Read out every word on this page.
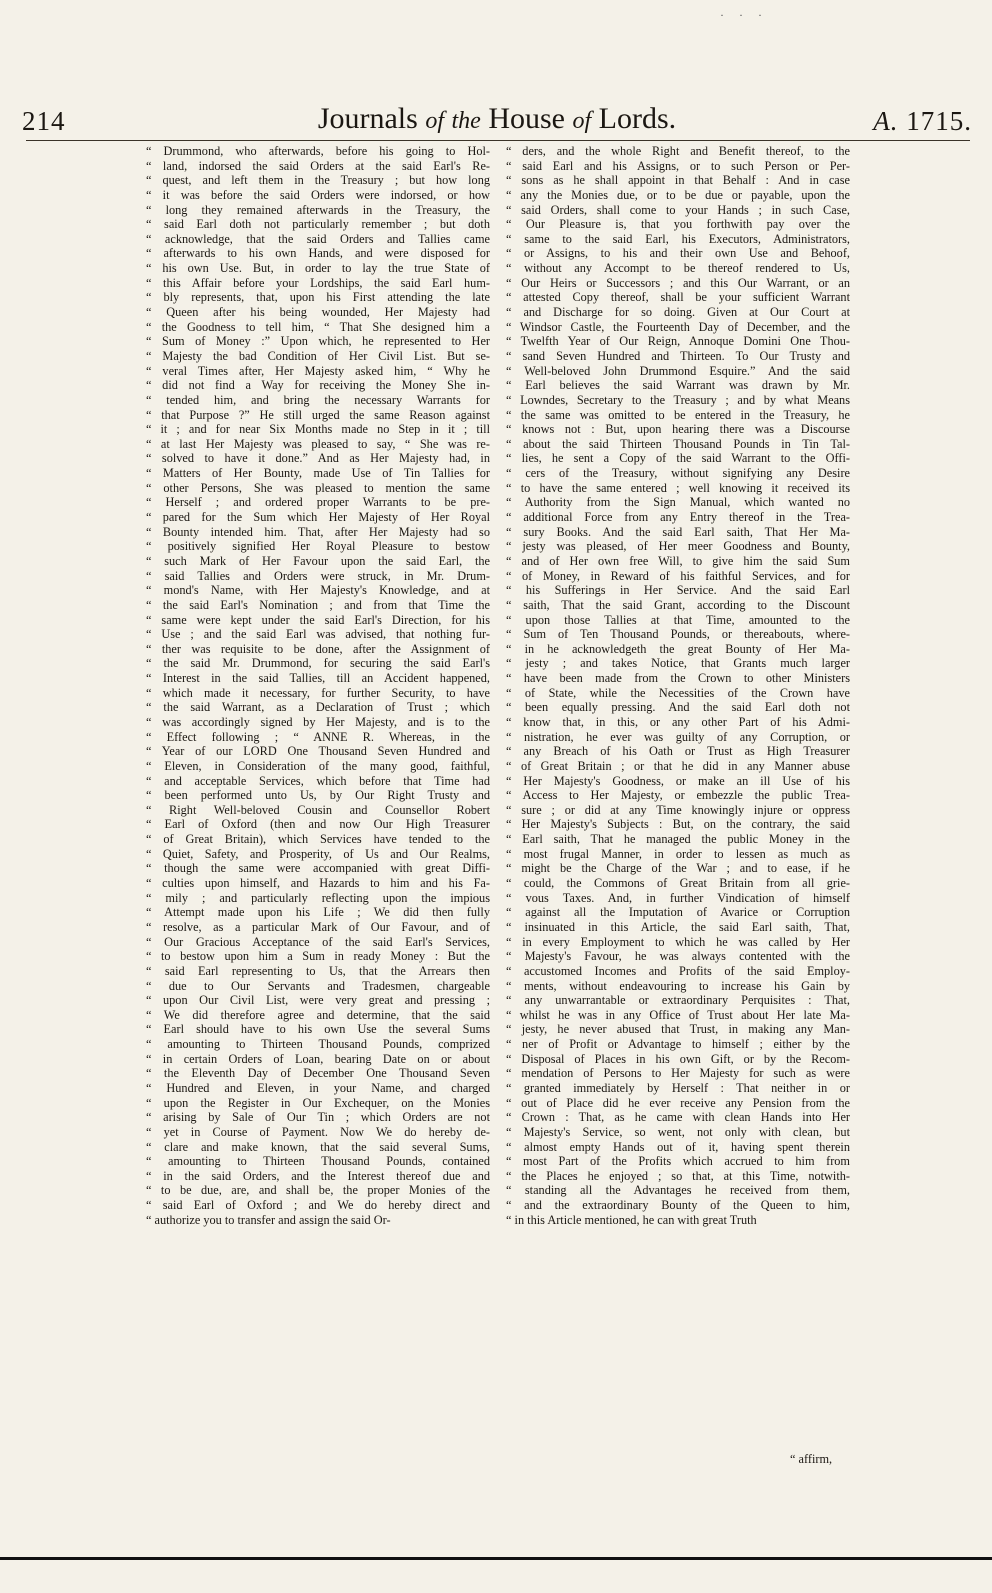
· · ·
214	Journals of the House of Lords.	A. 1715.
“ Drummond, who afterwards, before his going to Hol-
“ land, indorsed the said Orders at the said Earl's Re-
“ quest, and left them in the Treasury ; but how long
“ it was before the said Orders were indorsed, or how
“ long they remained afterwards in the Treasury, the
“ said Earl doth not particularly remember ; but doth
“ acknowledge, that the said Orders and Tallies came
“ afterwards to his own Hands, and were disposed for
“ his own Use. But, in order to lay the true State of
“ this Affair before your Lordships, the said Earl hum-
“ bly represents, that, upon his First attending the late
“ Queen after his being wounded, Her Majesty had
“ the Goodness to tell him, “ That She designed him a
“ Sum of Money :” Upon which, he represented to Her
“ Majesty the bad Condition of Her Civil List. But se-
“ veral Times after, Her Majesty asked him, “ Why he
“ did not find a Way for receiving the Money She in-
“ tended him, and bring the necessary Warrants for
“ that Purpose ?” He still urged the same Reason against
“ it ; and for near Six Months made no Step in it ; till
“ at last Her Majesty was pleased to say, “ She was re-
“ solved to have it done.” And as Her Majesty had, in
“ Matters of Her Bounty, made Use of Tin Tallies for
“ other Persons, She was pleased to mention the same
“ Herself ; and ordered proper Warrants to be pre-
“ pared for the Sum which Her Majesty of Her Royal
“ Bounty intended him. That, after Her Majesty had so
“ positively signified Her Royal Pleasure to bestow
“ such Mark of Her Favour upon the said Earl, the
“ said Tallies and Orders were struck, in Mr. Drum-
“ mond's Name, with Her Majesty's Knowledge, and at
“ the said Earl's Nomination ; and from that Time the
“ same were kept under the said Earl's Direction, for his
“ Use ; and the said Earl was advised, that nothing fur-
“ ther was requisite to be done, after the Assignment of
“ the said Mr. Drummond, for securing the said Earl's
“ Interest in the said Tallies, till an Accident happened,
“ which made it necessary, for further Security, to have
“ the said Warrant, as a Declaration of Trust ; which
“ was accordingly signed by Her Majesty, and is to the
“ Effect following ; “ ANNE R. Whereas, in the
“ Year of our LORD One Thousand Seven Hundred and
“ Eleven, in Consideration of the many good, faithful,
“ and acceptable Services, which before that Time had
“ been performed unto Us, by Our Right Trusty and
“ Right Well-beloved Cousin and Counsellor Robert
“ Earl of Oxford (then and now Our High Treasurer
“ of Great Britain), which Services have tended to the
“ Quiet, Safety, and Prosperity, of Us and Our Realms,
“ though the same were accompanied with great Diffi-
“ culties upon himself, and Hazards to him and his Fa-
“ mily ; and particularly reflecting upon the impious
“ Attempt made upon his Life ; We did then fully
“ resolve, as a particular Mark of Our Favour, and of
“ Our Gracious Acceptance of the said Earl's Services,
“ to bestow upon him a Sum in ready Money : But the
“ said Earl representing to Us, that the Arrears then
“ due to Our Servants and Tradesmen, chargeable
“ upon Our Civil List, were very great and pressing ;
“ We did therefore agree and determine, that the said
“ Earl should have to his own Use the several Sums
“ amounting to Thirteen Thousand Pounds, comprized
“ in certain Orders of Loan, bearing Date on or about
“ the Eleventh Day of December One Thousand Seven
“ Hundred and Eleven, in your Name, and charged
“ upon the Register in Our Exchequer, on the Monies
“ arising by Sale of Our Tin ; which Orders are not
“ yet in Course of Payment. Now We do hereby de-
“ clare and make known, that the said several Sums,
“ amounting to Thirteen Thousand Pounds, contained
“ in the said Orders, and the Interest thereof due and
“ to be due, are, and shall be, the proper Monies of the
“ said Earl of Oxford ; and We do hereby direct and
“ authorize you to transfer and assign the said Or-
“ ders, and the whole Right and Benefit thereof, to the
“ said Earl and his Assigns, or to such Person or Per-
“ sons as he shall appoint in that Behalf : And in case
“ any the Monies due, or to be due or payable, upon the
“ said Orders, shall come to your Hands ; in such Case,
“ Our Pleasure is, that you forthwith pay over the
“ same to the said Earl, his Executors, Administrators,
“ or Assigns, to his and their own Use and Behoof,
“ without any Accompt to be thereof rendered to Us,
“ Our Heirs or Successors ; and this Our Warrant, or an
“ attested Copy thereof, shall be your sufficient Warrant
“ and Discharge for so doing. Given at Our Court at
“ Windsor Castle, the Fourteenth Day of December, and the
“ Twelfth Year of Our Reign, Annoque Domini One Thou-
“ sand Seven Hundred and Thirteen. To Our Trusty and
“ Well-beloved John Drummond Esquire.” And the said
“ Earl believes the said Warrant was drawn by Mr.
“ Lowndes, Secretary to the Treasury ; and by what Means
“ the same was omitted to be entered in the Treasury, he
“ knows not : But, upon hearing there was a Discourse
“ about the said Thirteen Thousand Pounds in Tin Tal-
“ lies, he sent a Copy of the said Warrant to the Offi-
“ cers of the Treasury, without signifying any Desire
“ to have the same entered ; well knowing it received its
“ Authority from the Sign Manual, which wanted no
“ additional Force from any Entry thereof in the Trea-
“ sury Books. And the said Earl saith, That Her Ma-
“ jesty was pleased, of Her meer Goodness and Bounty,
“ and of Her own free Will, to give him the said Sum
“ of Money, in Reward of his faithful Services, and for
“ his Sufferings in Her Service. And the said Earl
“ saith, That the said Grant, according to the Discount
“ upon those Tallies at that Time, amounted to the
“ Sum of Ten Thousand Pounds, or thereabouts, where-
“ in he acknowledgeth the great Bounty of Her Ma-
“ jesty ; and takes Notice, that Grants much larger
“ have been made from the Crown to other Ministers
“ of State, while the Necessities of the Crown have
“ been equally pressing. And the said Earl doth not
“ know that, in this, or any other Part of his Admi-
“ nistration, he ever was guilty of any Corruption, or
“ any Breach of his Oath or Trust as High Treasurer
“ of Great Britain ; or that he did in any Manner abuse
“ Her Majesty's Goodness, or make an ill Use of his
“ Access to Her Majesty, or embezzle the public Trea-
“ sure ; or did at any Time knowingly injure or oppress
“ Her Majesty's Subjects : But, on the contrary, the said
“ Earl saith, That he managed the public Money in the
“ most frugal Manner, in order to lessen as much as
“ might be the Charge of the War ; and to ease, if he
“ could, the Commons of Great Britain from all grie-
“ vous Taxes. And, in further Vindication of himself
“ against all the Imputation of Avarice or Corruption
“ insinuated in this Article, the said Earl saith, That,
“ in every Employment to which he was called by Her
“ Majesty's Favour, he was always contented with the
“ accustomed Incomes and Profits of the said Employ-
“ ments, without endeavouring to increase his Gain by
“ any unwarrantable or extraordinary Perquisites : That,
“ whilst he was in any Office of Trust about Her late Ma-
“ jesty, he never abused that Trust, in making any Man-
“ ner of Profit or Advantage to himself ; either by the
“ Disposal of Places in his own Gift, or by the Recom-
“ mendation of Persons to Her Majesty for such as were
“ granted immediately by Herself : That neither in or
“ out of Place did he ever receive any Pension from the
“ Crown : That, as he came with clean Hands into Her
“ Majesty's Service, so went, not only with clean, but
“ almost empty Hands out of it, having spent therein
“ most Part of the Profits which accrued to him from
“ the Places he enjoyed ; so that, at this Time, notwith-
“ standing all the Advantages he received from them,
“ and the extraordinary Bounty of the Queen to him,
“ in this Article mentioned, he can with great Truth
“ affirm,
